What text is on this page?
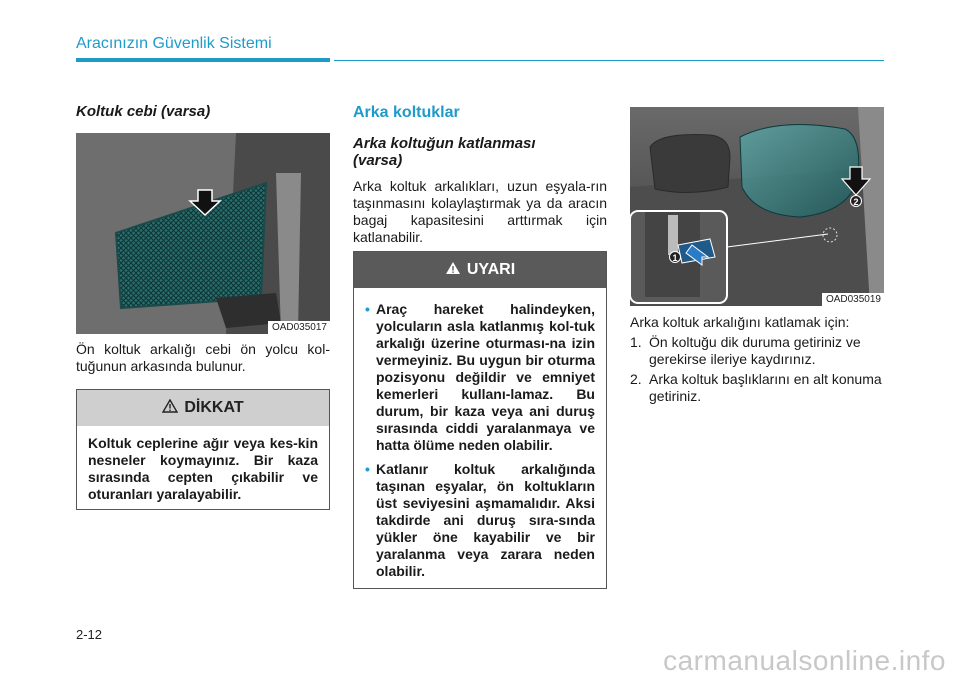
Aracınızın Güvenlik Sistemi
Koltuk cebi (varsa)
OAD035017
Ön koltuk arkalığı cebi ön yolcu kol-tuğunun arkasında bulunur.
DİKKAT
Koltuk ceplerine ağır veya kes-kin nesneler koymayınız. Bir kaza sırasında cepten çıkabilir ve oturanları yaralayabilir.
Arka koltuklar
Arka koltuğun katlanması
(varsa)
Arka koltuk arkalıkları, uzun eşyala-rın taşınmasını kolaylaştırmak ya da aracın bagaj kapasitesini arttırmak için katlanabilir.
UYARI
• Araç hareket halindeyken, yolcuların asla katlanmış kol-tuk arkalığı üzerine oturması-na izin vermeyiniz. Bu uygun bir oturma pozisyonu değildir ve emniyet kemerleri kullanı-lamaz. Bu durum, bir kaza veya ani duruş sırasında ciddi yaralanmaya ve hatta ölüme neden olabilir.
• Katlanır koltuk arkalığında taşınan eşyalar, ön koltukların üst seviyesini aşmamalıdır. Aksi takdirde ani duruş sıra-sında yükler öne kayabilir ve bir yaralanma veya zarara neden olabilir.
2
1
OAD035019
Arka koltuk arkalığını katlamak için:
1. Ön koltuğu dik duruma getiriniz ve gerekirse ileriye kaydırınız.
2. Arka koltuk başlıklarını en alt konuma getiriniz.
2-12
carmanualsonline.info
